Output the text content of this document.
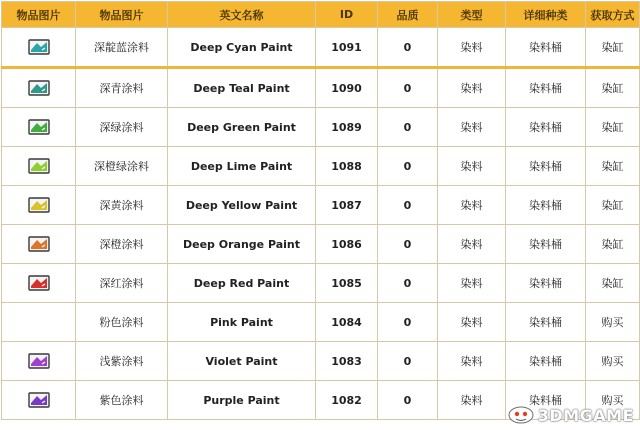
物品图片	物品图片	英文名称	ID	品质	类型	详细种类	获取方式

	深靛蓝涂料	Deep Cyan Paint	1091	0	染料	染料桶	染缸

	深青涂料	Deep Teal Paint	1090	0	染料	染料桶	染缸

	深绿涂料	Deep Green Paint	1089	0	染料	染料桶	染缸

	深橙绿涂料	Deep Lime Paint	1088	0	染料	染料桶	染缸

	深黄涂料	Deep Yellow Paint	1087	0	染料	染料桶	染缸

	深橙涂料	Deep Orange Paint	1086	0	染料	染料桶	染缸

	深红涂料	Deep Red Paint	1085	0	染料	染料桶	染缸
	粉色涂料	Pink Paint	1084	0	染料	染料桶	购买

	浅紫涂料	Violet Paint	1083	0	染料	染料桶	购买

	紫色涂料	Purple Paint	1082	0	染料	染料桶	购买
3DMGAME
